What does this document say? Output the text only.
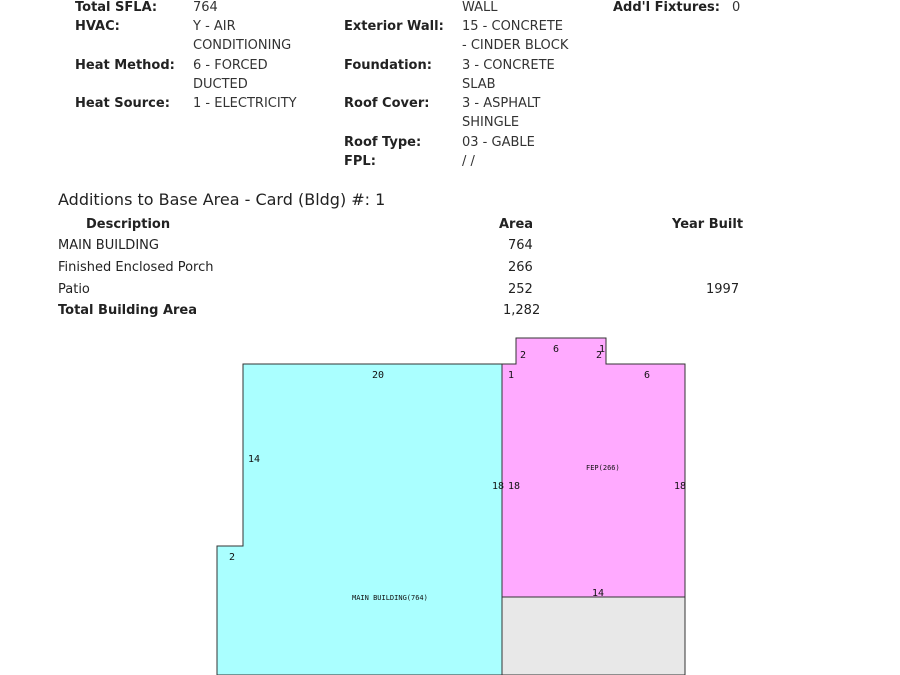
Total SFLA:	764
HVAC:	Y - AIR
CONDITIONING
Heat Method: 6 - FORCED
DUCTED
Heat Source: 1 - ELECTRICITY
WALL
Exterior Wall: 15 - CONCRETE
- CINDER BLOCK
Foundation: 3 - CONCRETE
SLAB
Roof Cover:	3 - ASPHALT
SHINGLE
Roof Type:	03 - GABLE
FPL:	/ /
Add'l Fixtures: 0
Additions to Base Area - Card (Bldg) #: 1
Description	Area	Year Built
MAIN BUILDING	764
Finished Enclosed Porch	266
Patio	252	1997
Total Building Area	1,282
20
14
2
18 18	18
6
14
1
2
6	1
2
MAIN BUILDING(764)
FEP(266)
